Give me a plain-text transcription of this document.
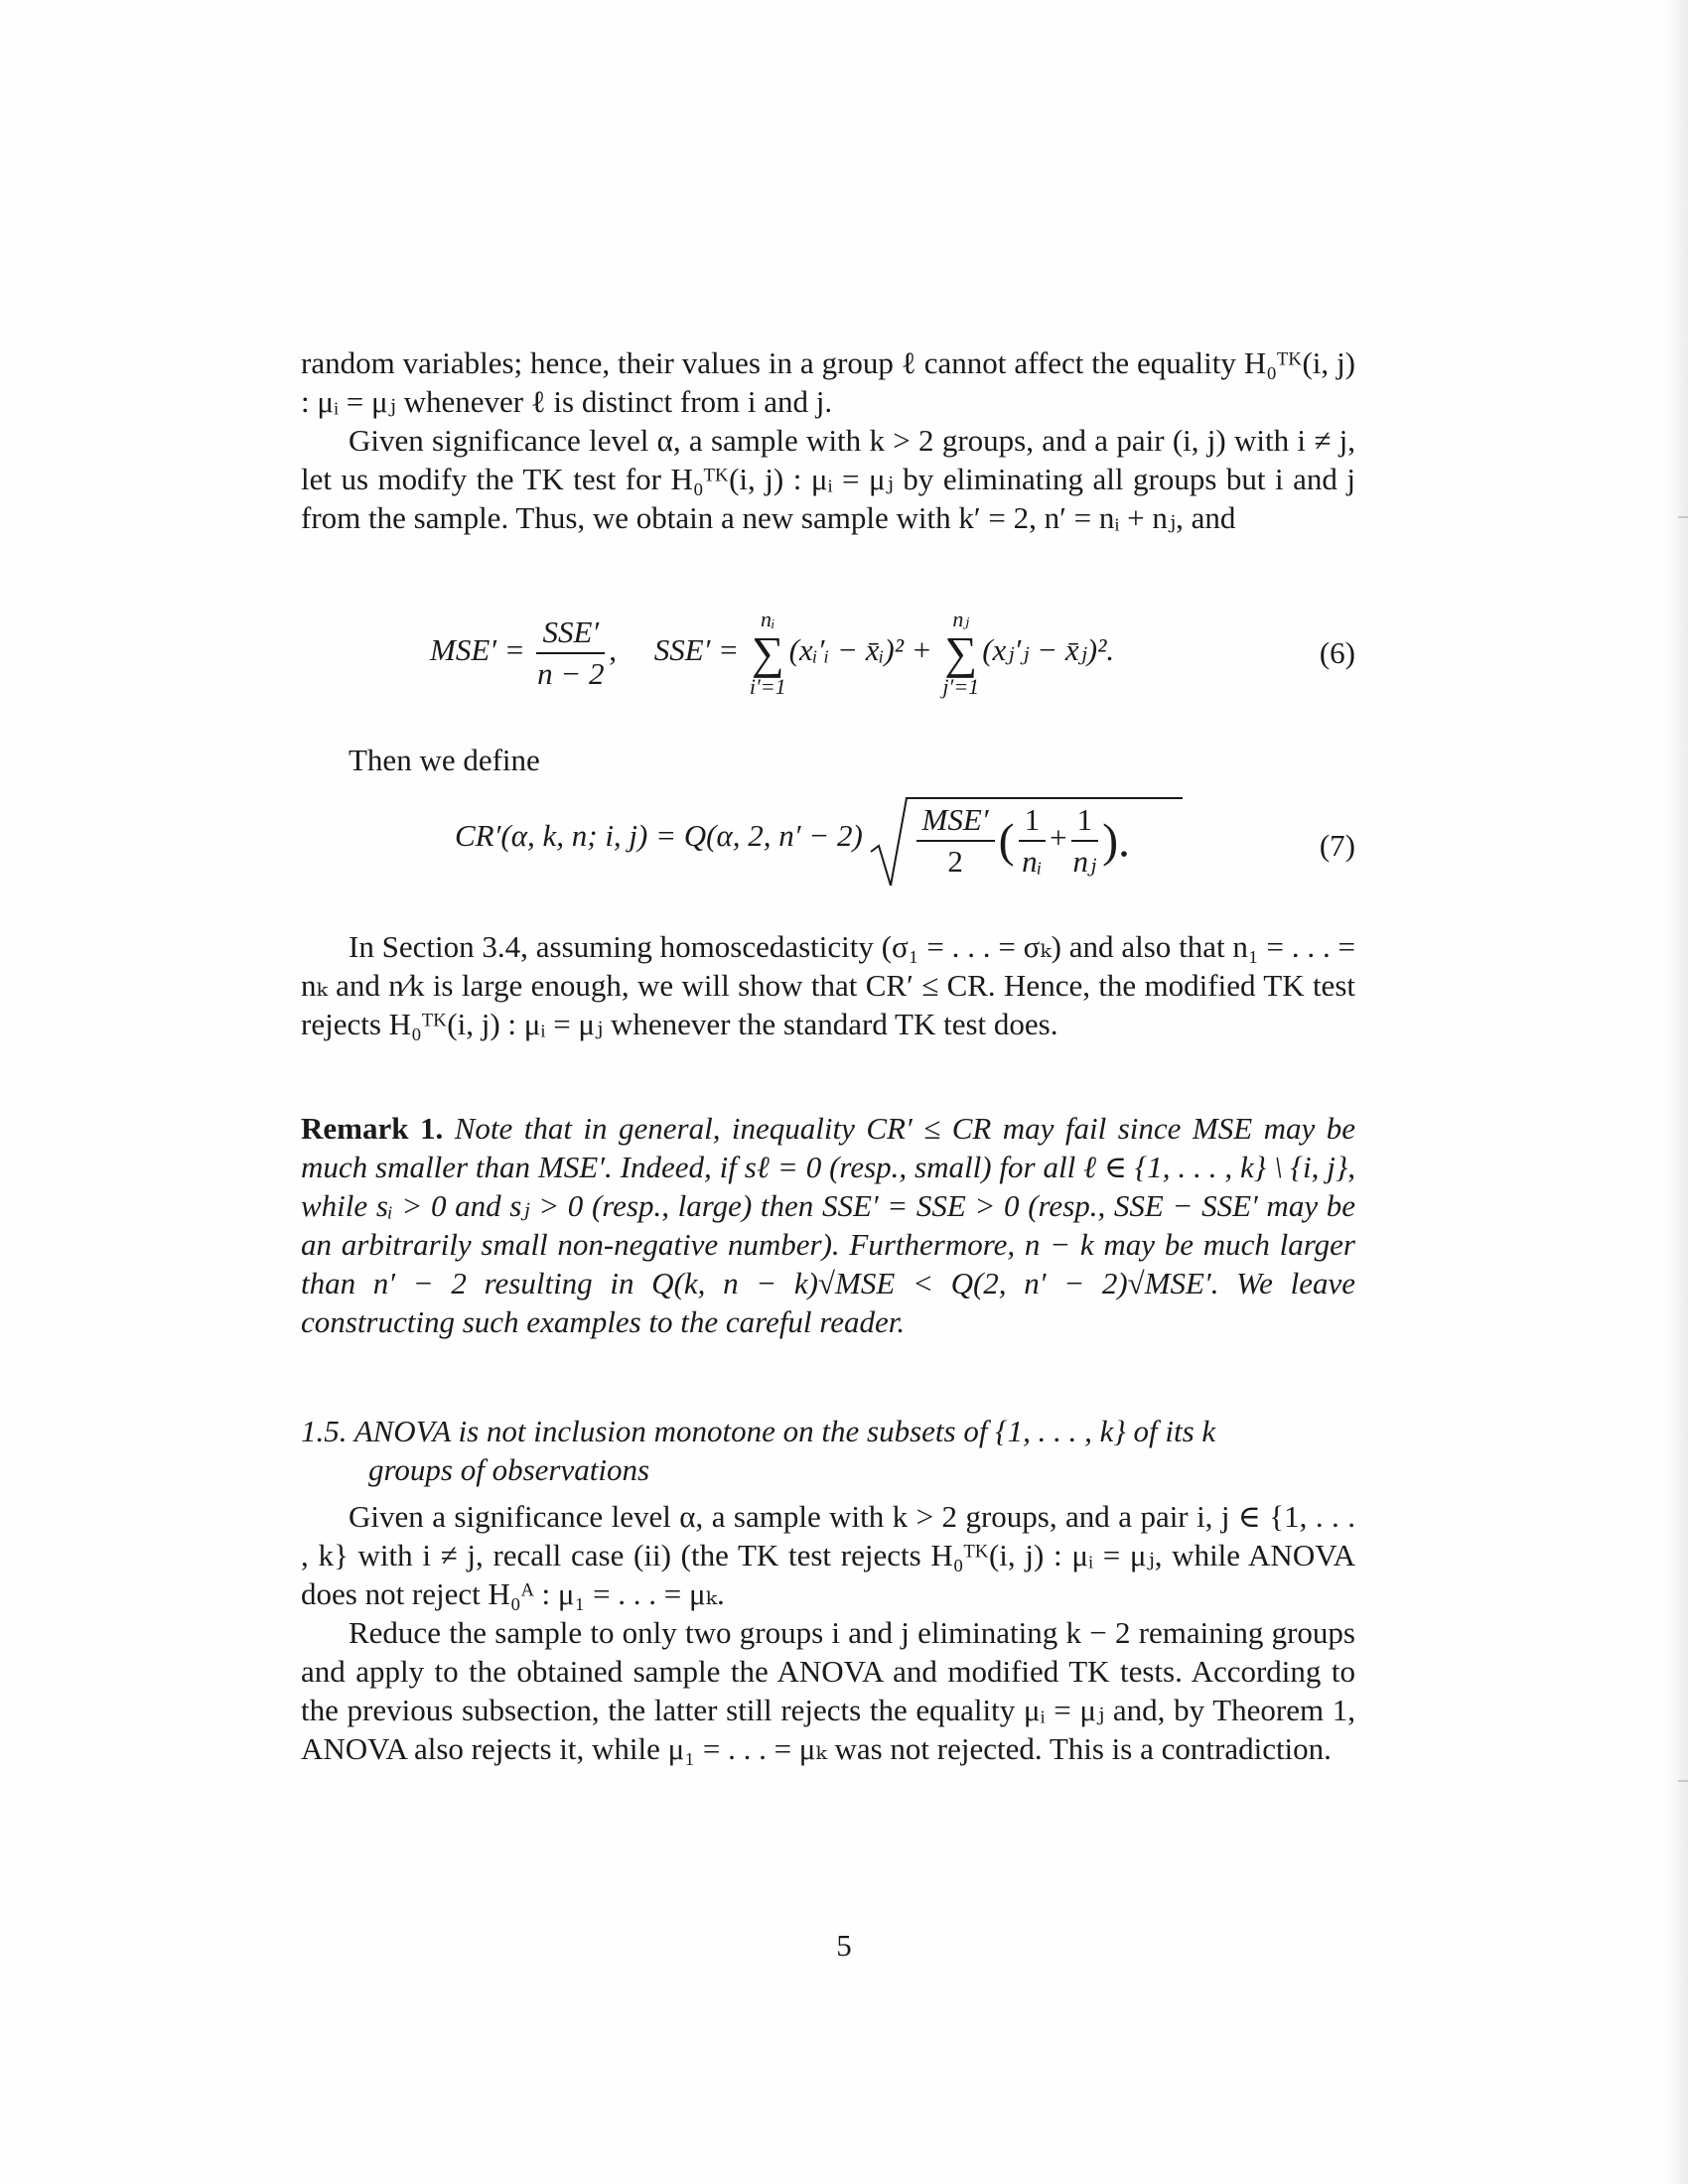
random variables; hence, their values in a group ℓ cannot affect the equality H₀ᵀᴷ(i, j) : μᵢ = μⱼ whenever ℓ is distinct from i and j.

Given significance level α, a sample with k > 2 groups, and a pair (i, j) with i ≠ j, let us modify the TK test for H₀ᵀᴷ(i, j) : μᵢ = μⱼ by eliminating all groups but i and j from the sample. Thus, we obtain a new sample with k′ = 2, n′ = nᵢ + nⱼ, and

$MSE' = \frac{\text{SSE′}}{n - 2}$ , SSE′ = nᵢ
∑
i′=1(xᵢ′ᵢ − x̄ᵢ)² + nⱼ
∑
j′=1(xⱼ′ⱼ − x̄ⱼ)².	(6)

Then we define

CR′(α, k, n; i, j) = Q(α, 2, $n' - 2) \frac{\text{MSE′}}{2}$ ( $\frac{1}{\text{nᵢ}} + \frac{1}{\text{nⱼ}}$ ).	(7)

In Section 3.4, assuming homoscedasticity (σ₁ = . . . = σₖ) and also that n₁ = . . . = nₖ and n⁄k is large enough, we will show that CR′ ≤ CR. Hence, the modified TK test rejects H₀ᵀᴷ(i, j) : μᵢ = μⱼ whenever the standard TK test does.

Remark 1. Note that in general, inequality CR′ ≤ CR may fail since MSE may be much smaller than MSE′. Indeed, if sℓ = 0 (resp., small) for all ℓ ∈ {1, . . . , k} \ {i, j}, while sᵢ > 0 and sⱼ > 0 (resp., large) then SSE′ = SSE > 0 (resp., SSE − SSE′ may be an arbitrarily small non-negative number). Furthermore, n − k may be much larger than n′ − 2 resulting in Q(k, n − k)√MSE < Q(2, n′ − 2)√MSE′. We leave constructing such examples to the careful reader.

1.5. ANOVA is not inclusion monotone on the subsets of {1, . . . , k} of its k

groups of observations

Given a significance level α, a sample with k > 2 groups, and a pair i, j ∈ {1, . . . , k} with i ≠ j, recall case (ii) (the TK test rejects H₀ᵀᴷ(i, j) : μᵢ = μⱼ, while ANOVA does not reject H₀ᴬ : μ₁ = . . . = μₖ.

Reduce the sample to only two groups i and j eliminating k − 2 remaining groups and apply to the obtained sample the ANOVA and modified TK tests. According to the previous subsection, the latter still rejects the equality μᵢ = μⱼ and, by Theorem 1, ANOVA also rejects it, while μ₁ = . . . = μₖ was not rejected. This is a contradiction.

5
